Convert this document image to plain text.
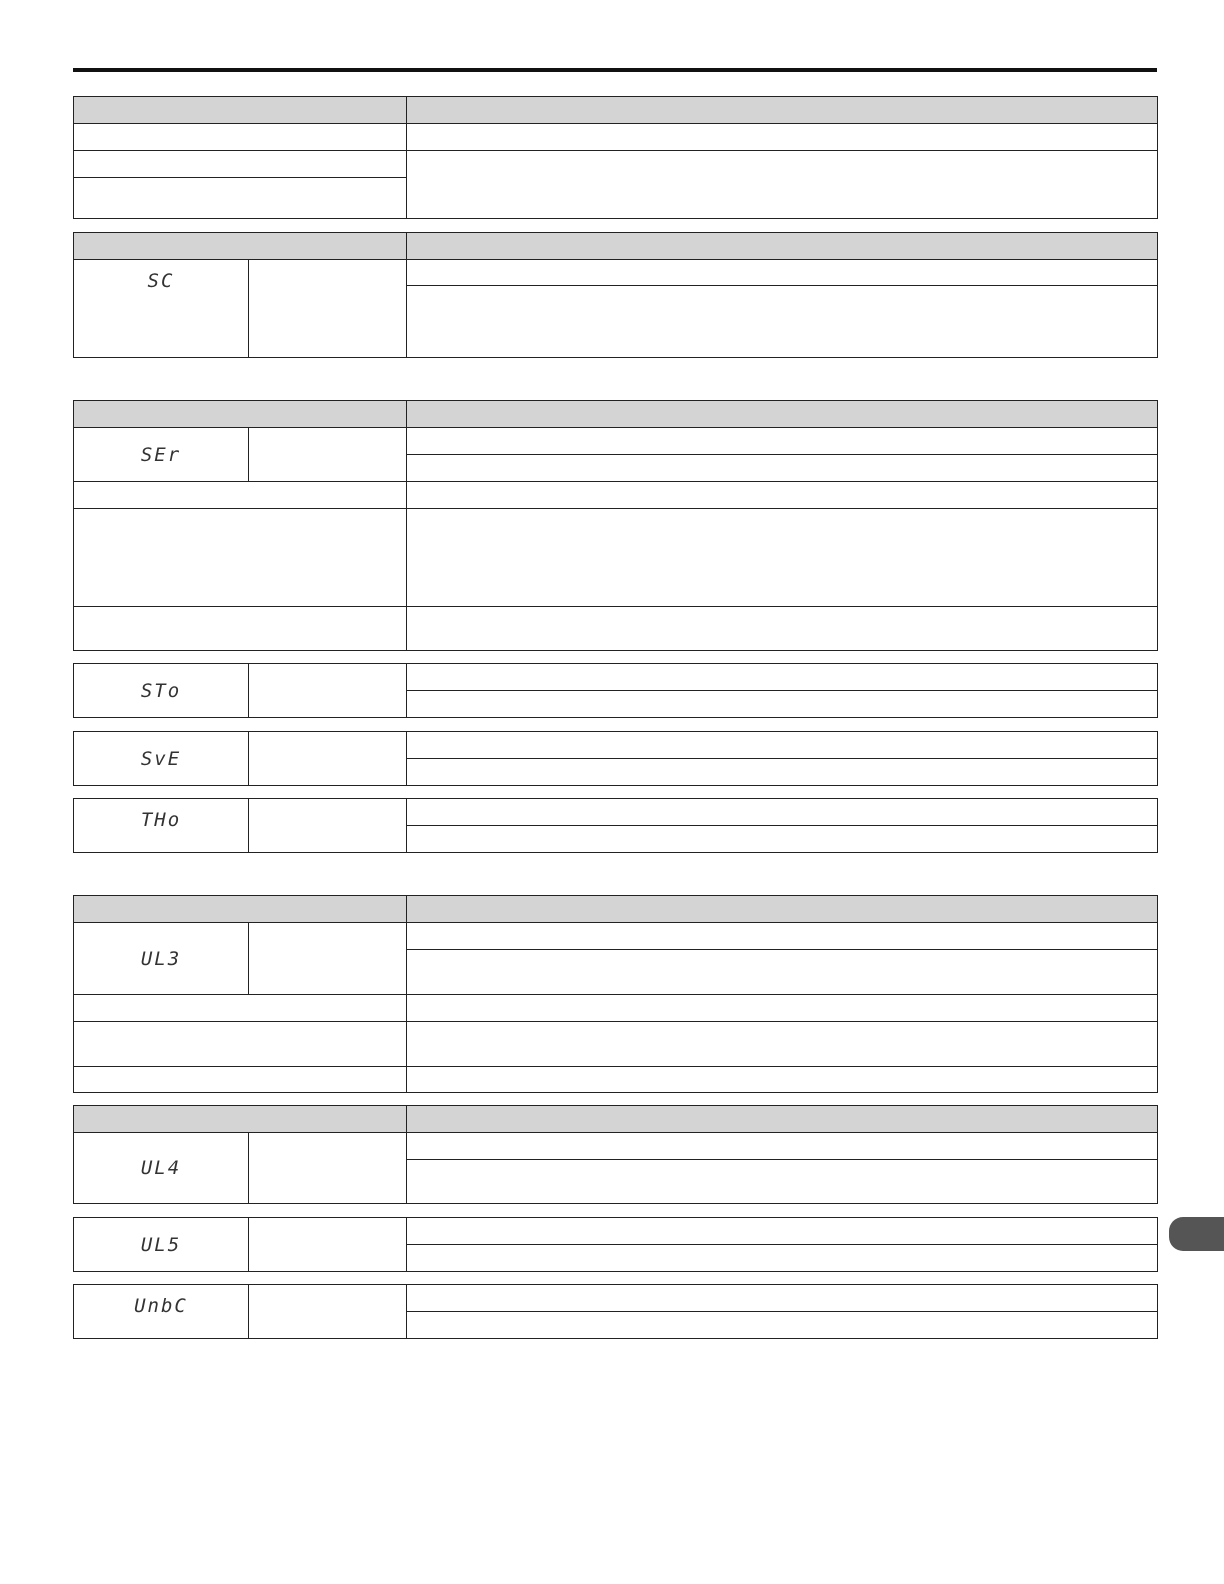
SC		

SEr		

STo		

SvE		

THo		

UL3		

UL4		

UL5		

UnbC		
